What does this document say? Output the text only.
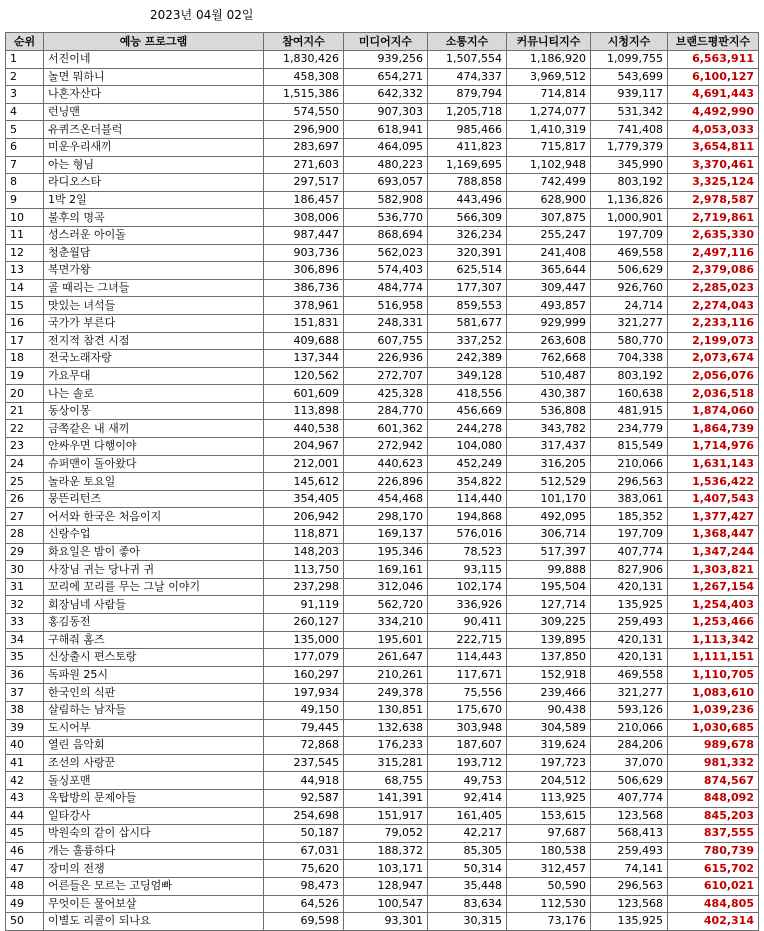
2023년 04월 02일
순위	예능 프로그램	참여지수	미디어지수	소통지수	커뮤니티지수	시청지수	브랜드평판지수
1	서진이네	1,830,426	939,256	1,507,554	1,186,920	1,099,755	6,563,911
2	놀면 뭐하니	458,308	654,271	474,337	3,969,512	543,699	6,100,127
3	나혼자산다	1,515,386	642,332	879,794	714,814	939,117	4,691,443
4	런닝맨	574,550	907,303	1,205,718	1,274,077	531,342	4,492,990
5	유퀴즈온더블럭	296,900	618,941	985,466	1,410,319	741,408	4,053,033
6	미운우리새끼	283,697	464,095	411,823	715,817	1,779,379	3,654,811
7	아는 형님	271,603	480,223	1,169,695	1,102,948	345,990	3,370,461
8	라디오스타	297,517	693,057	788,858	742,499	803,192	3,325,124
9	1박 2일	186,457	582,908	443,496	628,900	1,136,826	2,978,587
10	불후의 명곡	308,006	536,770	566,309	307,875	1,000,901	2,719,861
11	성스러운 아이돌	987,447	868,694	326,234	255,247	197,709	2,635,330
12	청춘월담	903,736	562,023	320,391	241,408	469,558	2,497,116
13	복면가왕	306,896	574,403	625,514	365,644	506,629	2,379,086
14	골 때리는 그녀들	386,736	484,774	177,307	309,447	926,760	2,285,023
15	맛있는 녀석들	378,961	516,958	859,553	493,857	24,714	2,274,043
16	국가가 부른다	151,831	248,331	581,677	929,999	321,277	2,233,116
17	전지적 참견 시점	409,688	607,755	337,252	263,608	580,770	2,199,073
18	전국노래자랑	137,344	226,936	242,389	762,668	704,338	2,073,674
19	가요무대	120,562	272,707	349,128	510,487	803,192	2,056,076
20	나는 솔로	601,609	425,328	418,556	430,387	160,638	2,036,518
21	동상이몽	113,898	284,770	456,669	536,808	481,915	1,874,060
22	금쪽같은 내 새끼	440,538	601,362	244,278	343,782	234,779	1,864,739
23	안싸우면 다행이야	204,967	272,942	104,080	317,437	815,549	1,714,976
24	슈퍼맨이 돌아왔다	212,001	440,623	452,249	316,205	210,066	1,631,143
25	놀라운 토요일	145,612	226,896	354,822	512,529	296,563	1,536,422
26	뭉뜬리턴즈	354,405	454,468	114,440	101,170	383,061	1,407,543
27	어서와 한국은 처음이지	206,942	298,170	194,868	492,095	185,352	1,377,427
28	신랑수업	118,871	169,137	576,016	306,714	197,709	1,368,447
29	화요일은 밤이 좋아	148,203	195,346	78,523	517,397	407,774	1,347,244
30	사장님 귀는 당나귀 귀	113,750	169,161	93,115	99,888	827,906	1,303,821
31	꼬리에 꼬리를 무는 그날 이야기	237,298	312,046	102,174	195,504	420,131	1,267,154
32	회장님네 사람들	91,119	562,720	336,926	127,714	135,925	1,254,403
33	홍김동전	260,127	334,210	90,411	309,225	259,493	1,253,466
34	구해줘 홈즈	135,000	195,601	222,715	139,895	420,131	1,113,342
35	신상출시 편스토랑	177,079	261,647	114,443	137,850	420,131	1,111,151
36	독파원 25시	160,297	210,261	117,671	152,918	469,558	1,110,705
37	한국인의 식판	197,934	249,378	75,556	239,466	321,277	1,083,610
38	살림하는 남자들	49,150	130,851	175,670	90,438	593,126	1,039,236
39	도시어부	79,445	132,638	303,948	304,589	210,066	1,030,685
40	열린 음악회	72,868	176,233	187,607	319,624	284,206	989,678
41	조선의 사랑꾼	237,545	315,281	193,712	197,723	37,070	981,332
42	돌싱포맨	44,918	68,755	49,753	204,512	506,629	874,567
43	옥탑방의 문제아들	92,587	141,391	92,414	113,925	407,774	848,092
44	일타강사	254,698	151,917	161,405	153,615	123,568	845,203
45	박원숙의 같이 삽시다	50,187	79,052	42,217	97,687	568,413	837,555
46	개는 훌륭하다	67,031	188,372	85,305	180,538	259,493	780,739
47	장미의 전쟁	75,620	103,171	50,314	312,457	74,141	615,702
48	어른들은 모르는 고딩엄빠	98,473	128,947	35,448	50,590	296,563	610,021
49	무엇이든 물어보살	64,526	100,547	83,634	112,530	123,568	484,805
50	이별도 리콜이 되나요	69,598	93,301	30,315	73,176	135,925	402,314
